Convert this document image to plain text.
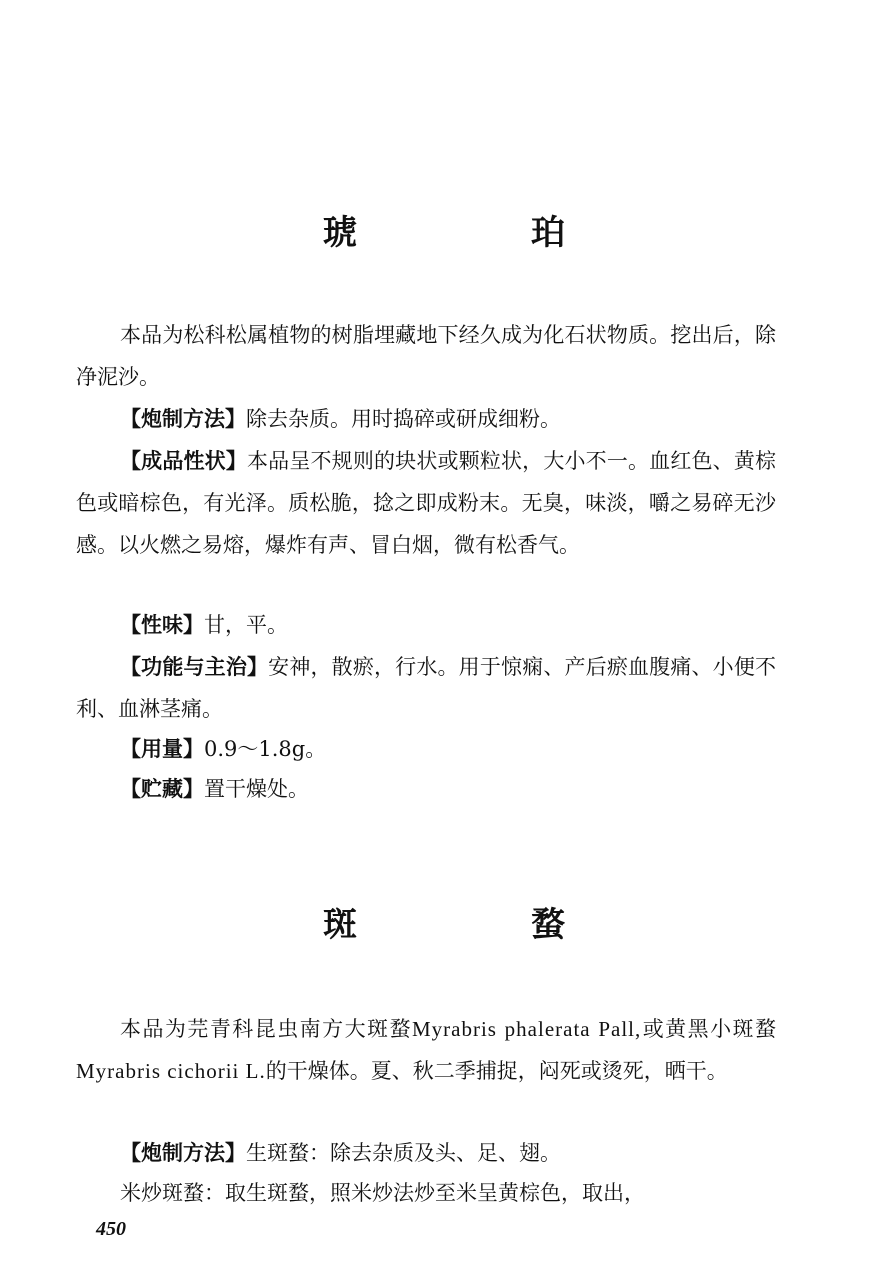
琥　珀
本品为松科松属植物的树脂埋藏地下经久成为化石状物质。挖出后，除净泥沙。
【炮制方法】除去杂质。用时捣碎或研成细粉。
【成品性状】本品呈不规则的块状或颗粒状，大小不一。血红色、黄棕色或暗棕色，有光泽。质松脆，捻之即成粉末。无臭，味淡，嚼之易碎无沙感。以火燃之易熔，爆炸有声、冒白烟，微有松香气。
【性味】甘，平。
【功能与主治】安神，散瘀，行水。用于惊痫、产后瘀血腹痛、小便不利、血淋茎痛。
【用量】0.9～1.8g。
【贮藏】置干燥处。
斑　蝥
本品为芫青科昆虫南方大斑蝥Myrabris phalerata Pall,或黄黑小斑蝥Myrabris cichorii L.的干燥体。夏、秋二季捕捉，闷死或烫死，晒干。
【炮制方法】生斑蝥：除去杂质及头、足、翅。
米炒斑蝥：取生斑蝥，照米炒法炒至米呈黄棕色，取出，
450
